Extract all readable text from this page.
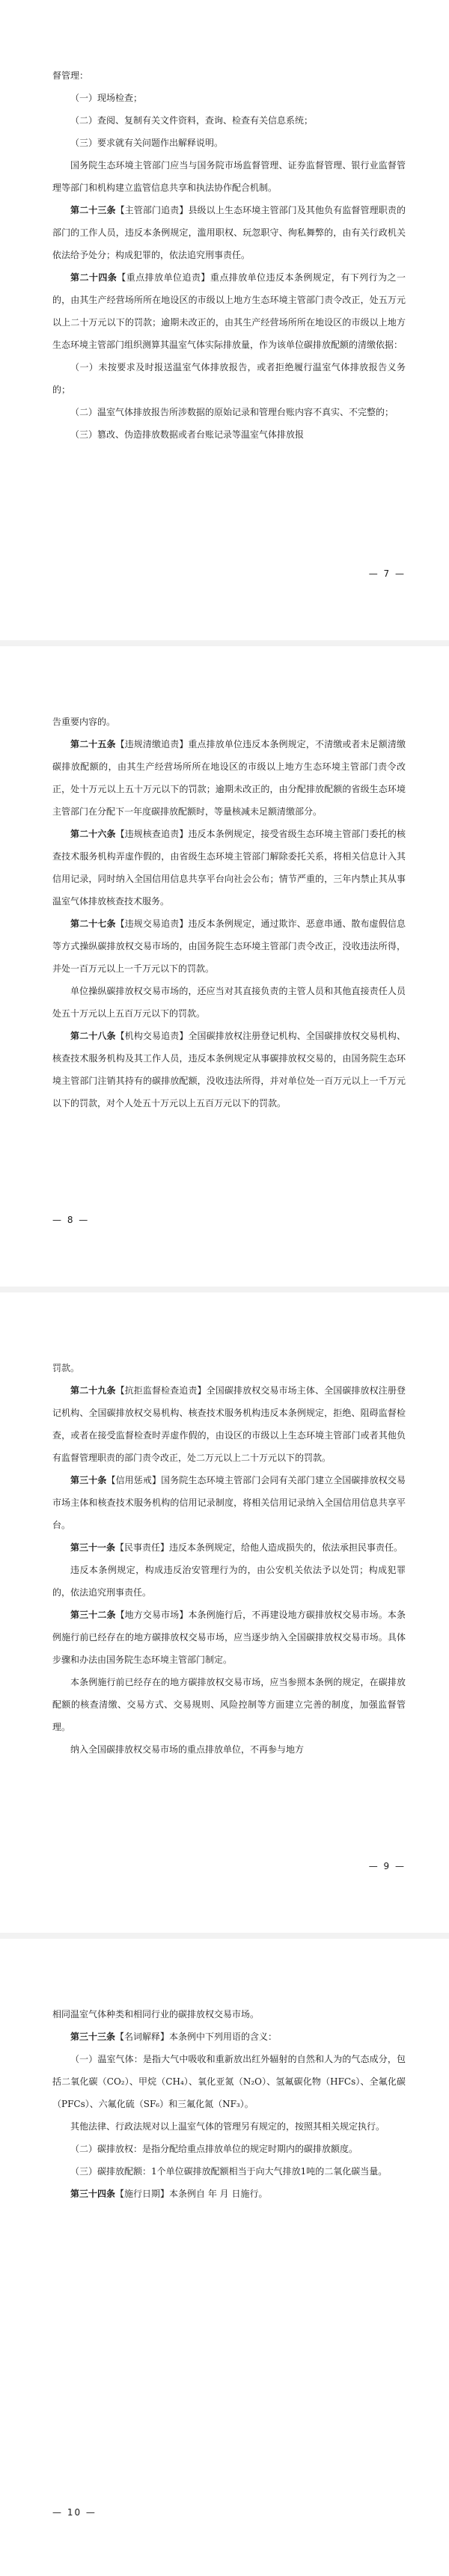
督管理：

（一）现场检查；

（二）查阅、复制有关文件资料，查询、检查有关信息系统；

（三）要求就有关问题作出解释说明。

国务院生态环境主管部门应当与国务院市场监督管理、证券监督管理、银行业监督管理等部门和机构建立监管信息共享和执法协作配合机制。

第二十三条【主管部门追责】县级以上生态环境主管部门及其他负有监督管理职责的部门的工作人员，违反本条例规定，滥用职权、玩忽职守、徇私舞弊的，由有关行政机关依法给予处分；构成犯罪的，依法追究刑事责任。

第二十四条【重点排放单位追责】重点排放单位违反本条例规定，有下列行为之一的，由其生产经营场所所在地设区的市级以上地方生态环境主管部门责令改正，处五万元以上二十万元以下的罚款；逾期未改正的，由其生产经营场所所在地设区的市级以上地方生态环境主管部门组织测算其温室气体实际排放量，作为该单位碳排放配额的清缴依据：

（一）未按要求及时报送温室气体排放报告，或者拒绝履行温室气体排放报告义务的；

（二）温室气体排放报告所涉数据的原始记录和管理台账内容不真实、不完整的；

（三）篡改、伪造排放数据或者台账记录等温室气体排放报

— 7 —

告重要内容的。

第二十五条【违规清缴追责】重点排放单位违反本条例规定，不清缴或者未足额清缴碳排放配额的，由其生产经营场所所在地设区的市级以上地方生态环境主管部门责令改正，处十万元以上五十万元以下的罚款；逾期未改正的，由分配排放配额的省级生态环境主管部门在分配下一年度碳排放配额时，等量核减未足额清缴部分。

第二十六条【违规核查追责】违反本条例规定，接受省级生态环境主管部门委托的核查技术服务机构弄虚作假的，由省级生态环境主管部门解除委托关系，将相关信息计入其信用记录，同时纳入全国信用信息共享平台向社会公布；情节严重的，三年内禁止其从事温室气体排放核查技术服务。

第二十七条【违规交易追责】违反本条例规定，通过欺诈、恶意串通、散布虚假信息等方式操纵碳排放权交易市场的，由国务院生态环境主管部门责令改正，没收违法所得，并处一百万元以上一千万元以下的罚款。

单位操纵碳排放权交易市场的，还应当对其直接负责的主管人员和其他直接责任人员处五十万元以上五百万元以下的罚款。

第二十八条【机构交易追责】全国碳排放权注册登记机构、全国碳排放权交易机构、核查技术服务机构及其工作人员，违反本条例规定从事碳排放权交易的，由国务院生态环境主管部门注销其持有的碳排放配额，没收违法所得，并对单位处一百万元以上一千万元以下的罚款，对个人处五十万元以上五百万元以下的罚款。

— 8 —

罚款。

第二十九条【抗拒监督检查追责】全国碳排放权交易市场主体、全国碳排放权注册登记机构、全国碳排放权交易机构、核查技术服务机构违反本条例规定，拒绝、阻碍监督检查，或者在接受监督检查时弄虚作假的，由设区的市级以上生态环境主管部门或者其他负有监督管理职责的部门责令改正，处二万元以上二十万元以下的罚款。

第三十条【信用惩戒】国务院生态环境主管部门会同有关部门建立全国碳排放权交易市场主体和核查技术服务机构的信用记录制度，将相关信用记录纳入全国信用信息共享平台。

第三十一条【民事责任】违反本条例规定，给他人造成损失的，依法承担民事责任。

违反本条例规定，构成违反治安管理行为的，由公安机关依法予以处罚；构成犯罪的，依法追究刑事责任。

第三十二条【地方交易市场】本条例施行后，不再建设地方碳排放权交易市场。本条例施行前已经存在的地方碳排放权交易市场，应当逐步纳入全国碳排放权交易市场。具体步骤和办法由国务院生态环境主管部门制定。

本条例施行前已经存在的地方碳排放权交易市场，应当参照本条例的规定，在碳排放配额的核查清缴、交易方式、交易规则、风险控制等方面建立完善的制度，加强监督管理。

纳入全国碳排放权交易市场的重点排放单位，不再参与地方

— 9 —

相同温室气体种类和相同行业的碳排放权交易市场。

第三十三条【名词解释】本条例中下列用语的含义：

（一）温室气体：是指大气中吸收和重新放出红外辐射的自然和人为的气态成分，包括二氧化碳（CO₂）、甲烷（CH₄）、氧化亚氮（N₂O）、氢氟碳化物（HFCs）、全氟化碳（PFCs）、六氟化硫（SF₆）和三氟化氮（NF₃）。

其他法律、行政法规对以上温室气体的管理另有规定的，按照其相关规定执行。

（二）碳排放权：是指分配给重点排放单位的规定时期内的碳排放额度。

（三）碳排放配额：1个单位碳排放配额相当于向大气排放1吨的二氧化碳当量。

第三十四条【施行日期】本条例自 年 月 日施行。

— 10 —
